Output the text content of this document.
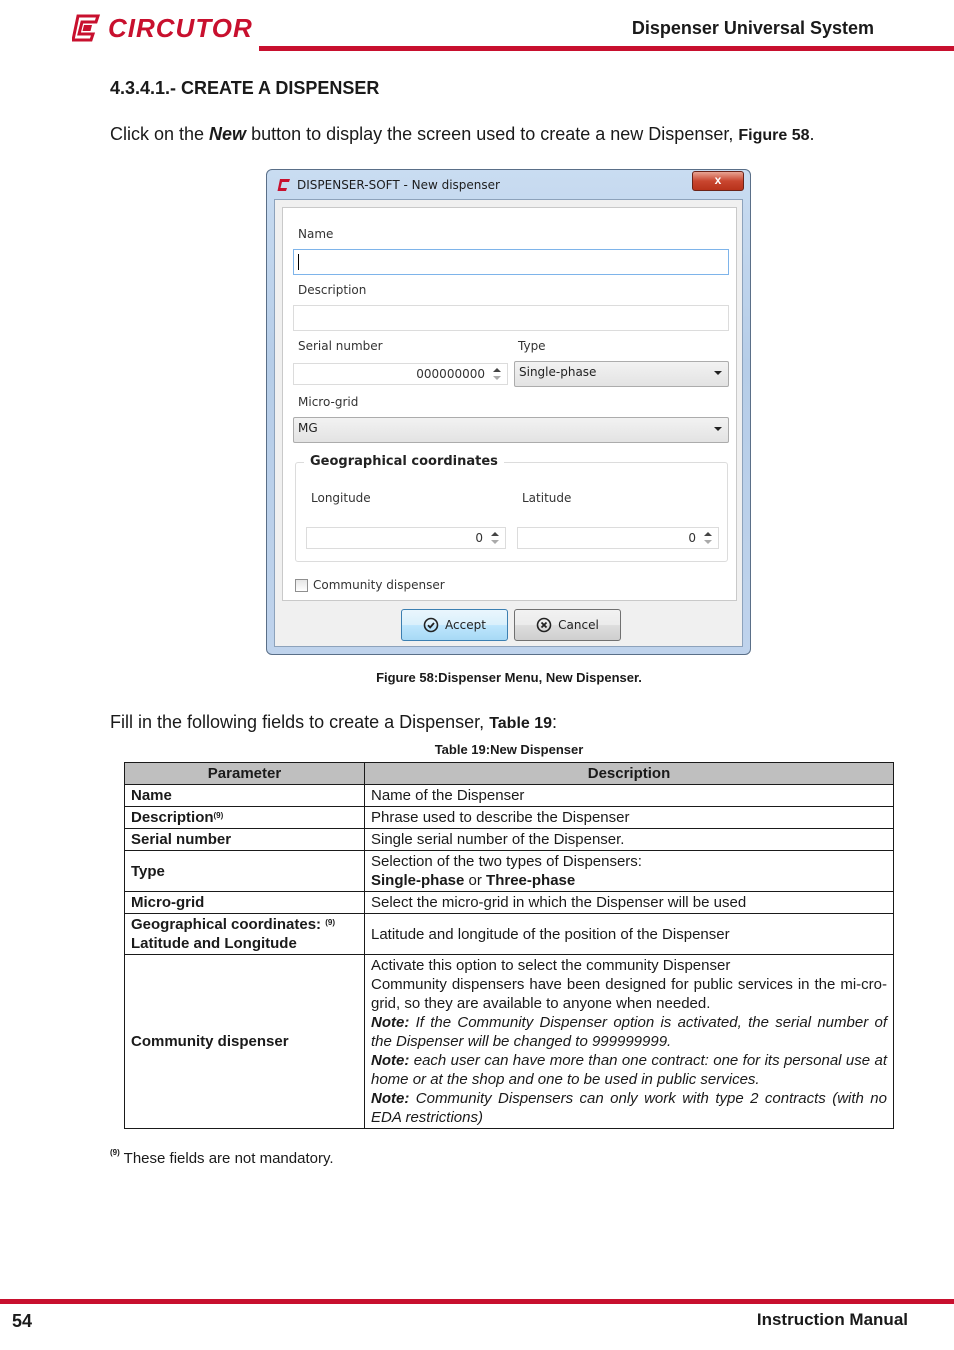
CIRCUTOR	Dispenser Universal System
4.3.4.1.- CREATE A DISPENSER
Click on the New button to display the screen used to create a new Dispenser, Figure 58.
DISPENSER-SOFT - New dispenser	x
Name
Description
Serial number	Type
000000000	Single-phase
Micro-grid
MG
Geographical coordinates
Longitude	Latitude
0	0
Community dispenser
Accept	Cancel
Figure 58:Dispenser Menu, New Dispenser.
Fill in the following fields to create a Dispenser, Table 19:
Table 19:New Dispenser
Parameter	Description
Name	Name of the Dispenser
Description$^{(9)}$	Phrase used to describe the Dispenser
Serial number	Single serial number of the Dispenser.
Type	Selection of the two types of Dispensers:
Single-phase or Three-phase

Micro-grid	Select the micro-grid in which the Dispenser will be used

Geographical coordinates: $^{(9)}$
Latitude and Longitude	Latitude and longitude of the position of the Dispenser
Community dispenser	Activate this option to select the community Dispenser
Community dispensers have been designed for public services in the mi-cro-grid, so they are available to anyone when needed.
Note: If the Community Dispenser option is activated, the serial number of the Dispenser will be changed to 999999999.
Note: each user can have more than one contract: one for its personal use at home or at the shop and one to be used in public services.
Note: Community Dispensers can only work with type 2 contracts (with no EDA restrictions)
$^{(9)}$ These fields are not mandatory.
54	Instruction Manual
